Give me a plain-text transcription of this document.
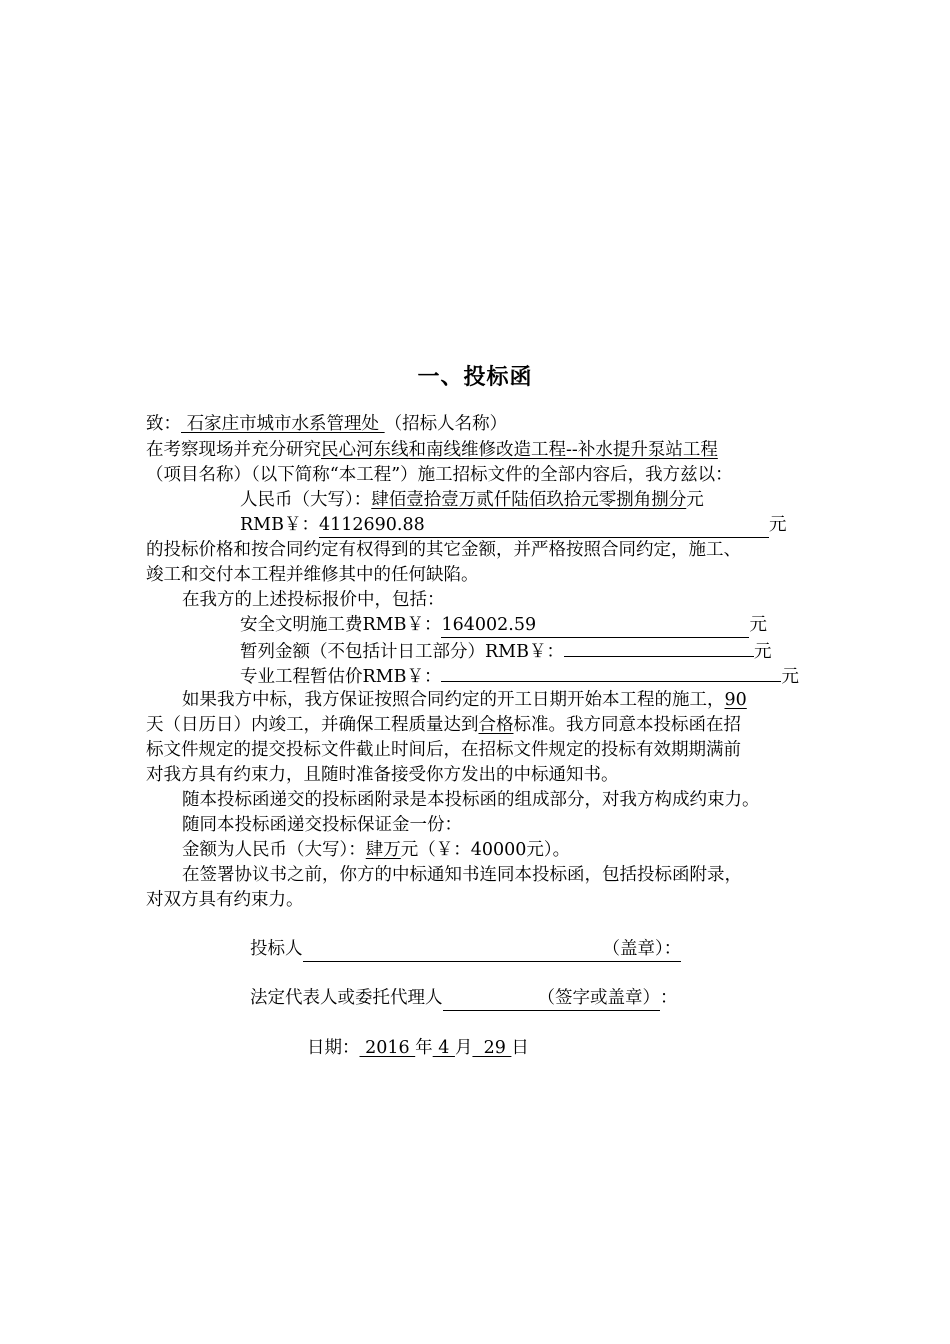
一、投标函
致： 石家庄市城市水系管理处 （招标人名称）
在考察现场并充分研究民心河东线和南线维修改造工程--补水提升泵站工程
（项目名称）（以下简称“本工程”）施工招标文件的全部内容后，我方兹以：
人民币（大写）：肆佰壹拾壹万贰仟陆佰玖拾元零捌角捌分元
RMB￥：4112690.88	元
的投标价格和按合同约定有权得到的其它金额，并严格按照合同约定，施工、
竣工和交付本工程并维修其中的任何缺陷。
在我方的上述投标报价中，包括：
安全文明施工费RMB￥：164002.59	元
暂列金额（不包括计日工部分）RMB￥：	元
专业工程暂估价RMB￥：	元
如果我方中标，我方保证按照合同约定的开工日期开始本工程的施工，90
天（日历日）内竣工，并确保工程质量达到合格标准。我方同意本投标函在招
标文件规定的提交投标文件截止时间后，在招标文件规定的投标有效期期满前
对我方具有约束力，且随时准备接受你方发出的中标通知书。
随本投标函递交的投标函附录是本投标函的组成部分，对我方构成约束力。
随同本投标函递交投标保证金一份：
金额为人民币（大写）：肆万元（￥：40000元）。
在签署协议书之前，你方的中标通知书连同本投标函，包括投标函附录，
对双方具有约束力。
投标人	（盖章）：
法定代表人或委托代理人	（签字或盖章）：
日期： 2016 年 4 月  29 日
